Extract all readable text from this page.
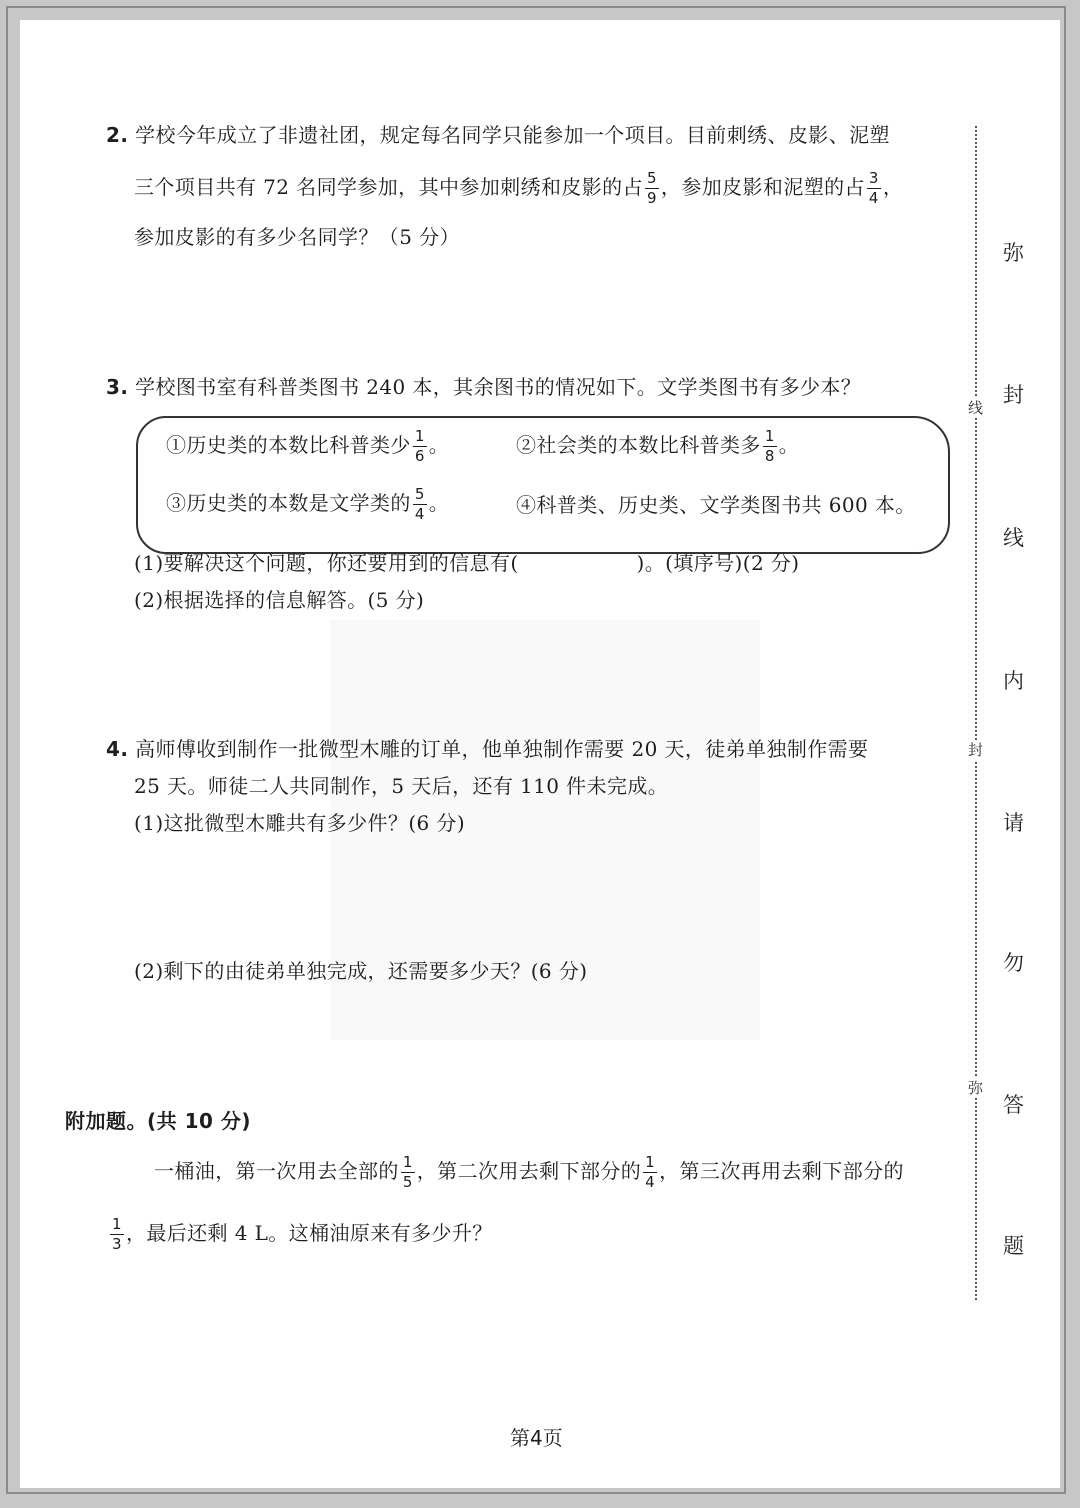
2. 学校今年成立了非遗社团，规定每名同学只能参加一个项目。目前刺绣、皮影、泥塑
三个项目共有 72 名同学参加，其中参加刺绣和皮影的占 $\frac{5}{9}$ ，参加皮影和泥塑的占 $\frac{3}{4}$ ，
参加皮影的有多少名同学？（5 分）
3. 学校图书室有科普类图书 240 本，其余图书的情况如下。文学类图书有多少本？
①历史类的本数比科普类少 $\frac{1}{6}$ 。	②社会类的本数比科普类多 $\frac{1}{8}$ 。
③历史类的本数是文学类的 $\frac{5}{4}$ 。	④科普类、历史类、文学类图书共 600 本。
(1)要解决这个问题，你还要用到的信息有(	)。(填序号)(2 分)
(2)根据选择的信息解答。(5 分)
4. 高师傅收到制作一批微型木雕的订单，他单独制作需要 20 天，徒弟单独制作需要
25 天。师徒二人共同制作，5 天后，还有 110 件未完成。
(1)这批微型木雕共有多少件？(6 分)
(2)剩下的由徒弟单独完成，还需要多少天？(6 分)
附加题。(共 10 分)
一桶油，第一次用去全部的 $\frac{1}{5}$ ，第二次用去剩下部分的 $\frac{1}{4}$ ，第三次再用去剩下部分的
$\frac{1}{3}$ ，最后还剩 4 L。这桶油原来有多少升？
线
封
弥
弥
封
线
内
请
勿
答
题
第4页
